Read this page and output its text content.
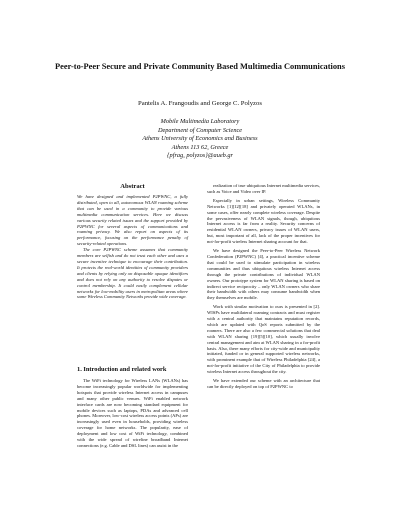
Peer-to-Peer Secure and Private Community Based Multimedia Communications
Pantelis A. Frangoudis and George C. Polyzos
Mobile Multimedia Laboratory
Department of Computer Science
Athens University of Economics and Business
Athens 113 62, Greece
{pfrag, polyzos}@aueb.gr
Abstract

We have designed and implemented P2PWNC, a fully distributed, open to all, autonomous WLAN roaming scheme that can be used in a community to provide various multimedia communication services. Here we discuss various security related issues and the support provided by P2PWNC for several aspects of communications and roaming privacy. We also report on aspects of its performance, focusing on the performance penalty of security-related operations.

The core P2PWNC scheme assumes that community members are selfish and do not trust each other and uses a secure incentive technique to encourage their contribution. It protects the real-world identities of community providers and clients by relying only on disposable opaque identifiers and does not rely on any authority to resolve disputes or control membership. It could easily complement cellular networks for low-mobility users in metropolitan areas where some Wireless Community Networks provide wide coverage.

1. Introduction and related work

The WiFi technology for Wireless LANs (WLANs) has become increasingly popular worldwide for implementing hotspots that provide wireless Internet access in campuses and many other public venues. WiFi enabled network interface cards are now becoming standard equipment for mobile devices such as laptops, PDAs and advanced cell phones. Moreover, low-cost wireless access points (APs) are increasingly used even in households, providing wireless coverage for home networks. The popularity, ease of deployment and low cost of WiFi technology, combined with the wide spread of wireline broadband Internet connections (e.g. Cable and DSL lines) can assist in the

realization of true ubiquitous Internet multimedia services, such as Voice and Video over IP.

Especially in urban settings, Wireless Community Networks [1][12][18] and privately operated WLANs, in some cases, offer nearly complete wireless coverage. Despite the pervasiveness of WLAN signals, though, ubiquitous Internet access is far from a reality. Security concerns of residential WLAN owners, privacy issues of WLAN users, but, most important of all, lack of the proper incentives for not-for-profit wireless Internet sharing account for that.

We have designed the Peer-to-Peer Wireless Network Confederation (P2PWNC) [4], a practical incentive scheme that could be used to stimulate participation in wireless communities and thus ubiquitous wireless Internet access through the private contributions of individual WLAN owners. Our prototype system for WLAN sharing is based on indirect service reciprocity – only WLAN owners who share their bandwidth with others may consume bandwidth when they themselves are mobile.

Work with similar motivation to ours is presented in [2]. WISPs have multilateral roaming contracts and must register with a central authority that maintains reputation records, which are updated with QoS reports submitted by the roamers. There are also a few commercial solutions that deal with WLAN sharing [19][5][10], which usually involve central management and aim at WLAN sharing in a for-profit basis. Also, there many efforts for city-wide and municipality initiated, funded or in general supported wireless networks, with prominent example that of Wireless Philadelphia [24], a not-for-profit initiative of the City of Philadelphia to provide wireless Internet access throughout the city.

We have extended our scheme with an architecture that can be directly deployed on top of P2PWNC to
